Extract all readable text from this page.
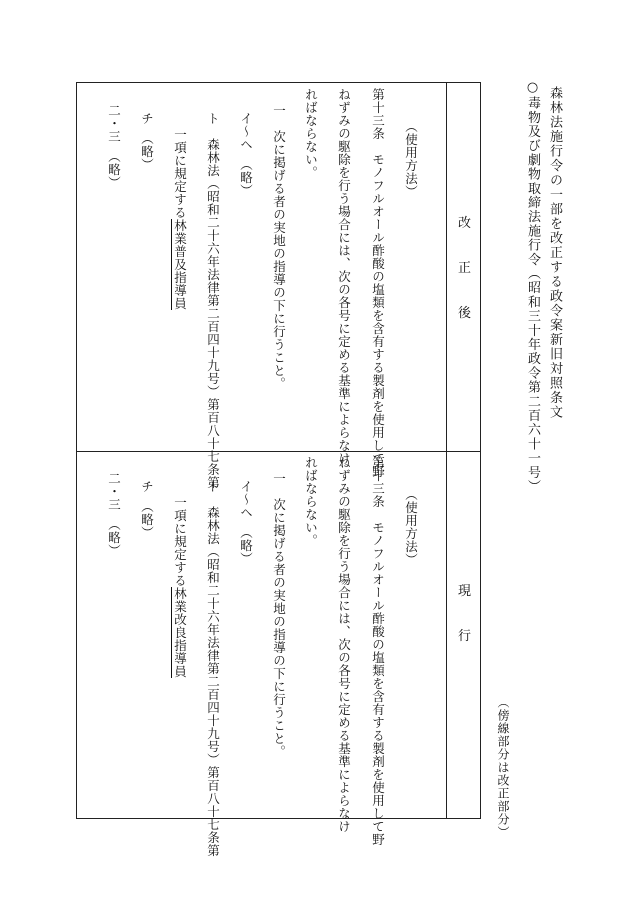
森林法施行令の一部を改正する政令案新旧対照条文
○毒物及び劇物取締法施行令（昭和三十年政令第二百六十一号）
（傍線部分は改正部分）
改
正
後
現
行
（使用方法）
第十三条　モノフルオール酢酸の塩類を含有する製剤を使用して野
ねずみの駆除を行う場合には、次の各号に定める基準によらなけ
ればならない。
一　次に掲げる者の実地の指導の下に行うこと。
イ～ヘ　（略）
ト　森林法（昭和二十六年法律第二百四十九号）第百八十七条第
一項に規定する林業普及指導員
チ　（略）
二・三　（略）
（使用方法）
第十三条　モノフルオール酢酸の塩類を含有する製剤を使用して野
ねずみの駆除を行う場合には、次の各号に定める基準によらなけ
ればならない。
一　次に掲げる者の実地の指導の下に行うこと。
イ～ヘ　（略）
ト　森林法（昭和二十六年法律第二百四十九号）第百八十七条第
一項に規定する林業改良指導員
チ　（略）
二・三　（略）
